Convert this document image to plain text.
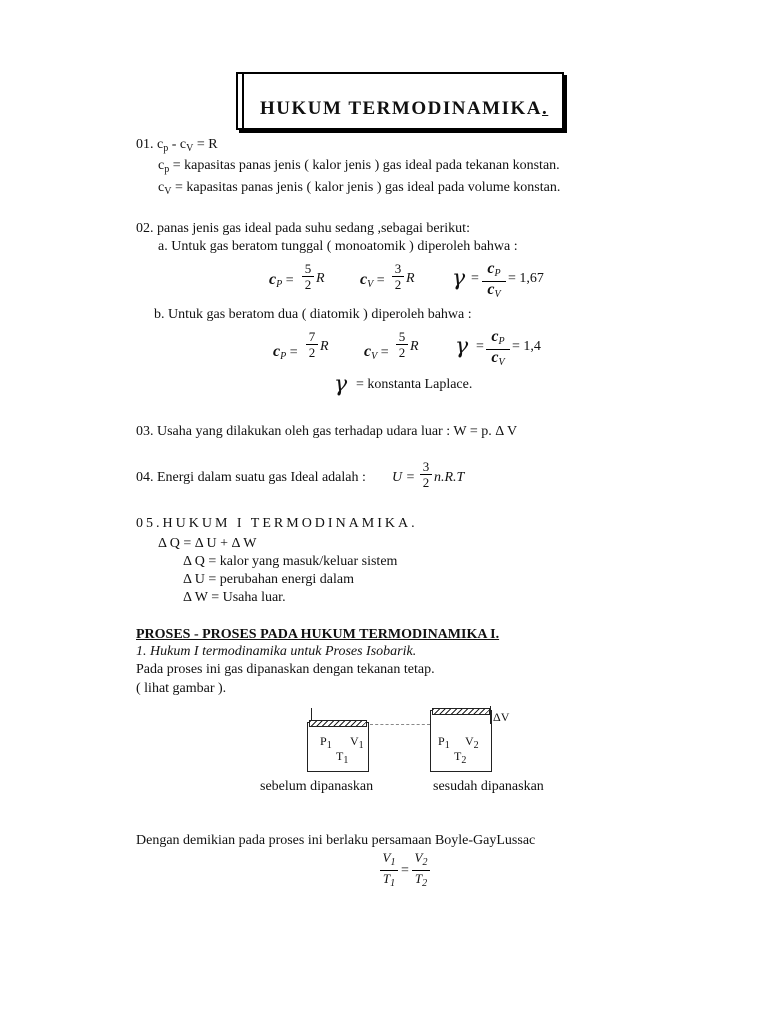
HUKUM TERMODINAMIKA.
01. $c_p - c_V = R$
$c_p$ = kapasitas panas jenis ( kalor jenis ) gas ideal pada tekanan konstan.
$c_V$ = kapasitas panas jenis ( kalor jenis ) gas ideal pada volume konstan.
02. panas jenis gas ideal pada suhu sedang ,sebagai berikut:
a. Untuk gas beratom tunggal ( monoatomik ) diperoleh bahwa :
$c_P$ =
5
2 R $c_V$ =
3
2 R γ =
$c_P$
$c_V$
= 1,67
b. Untuk gas beratom dua ( diatomik ) diperoleh bahwa :
$c_P$ =
7
2 R $c_V$ =
5
2 R γ =
$c_P$
$c_V$
= 1,4
γ = konstanta Laplace.
03. Usaha yang dilakukan oleh gas terhadap udara luar : W = p. Δ V
04. Energi dalam suatu gas Ideal adalah : U =
3
2 n.R.T
05.HUKUM I TERMODINAMIKA.
Δ Q = Δ U + Δ W
Δ Q = kalor yang masuk/keluar sistem
Δ U = perubahan energi dalam
Δ W = Usaha luar.
PROSES - PROSES PADA HUKUM TERMODINAMIKA I.
1. Hukum I termodinamika untuk Proses Isobarik.
Pada proses ini gas dipanaskan dengan tekanan tetap.
( lihat gambar ).
$P_1$ $V_1$
$T_1$
$P_1$ $V_2$
$T_2$
ΔV
sebelum dipanaskan	sesudah dipanaskan
Dengan demikian pada proses ini berlaku persamaan Boyle-GayLussac
$V_1$
$T_1$
=
$V_2$
$T_2$
